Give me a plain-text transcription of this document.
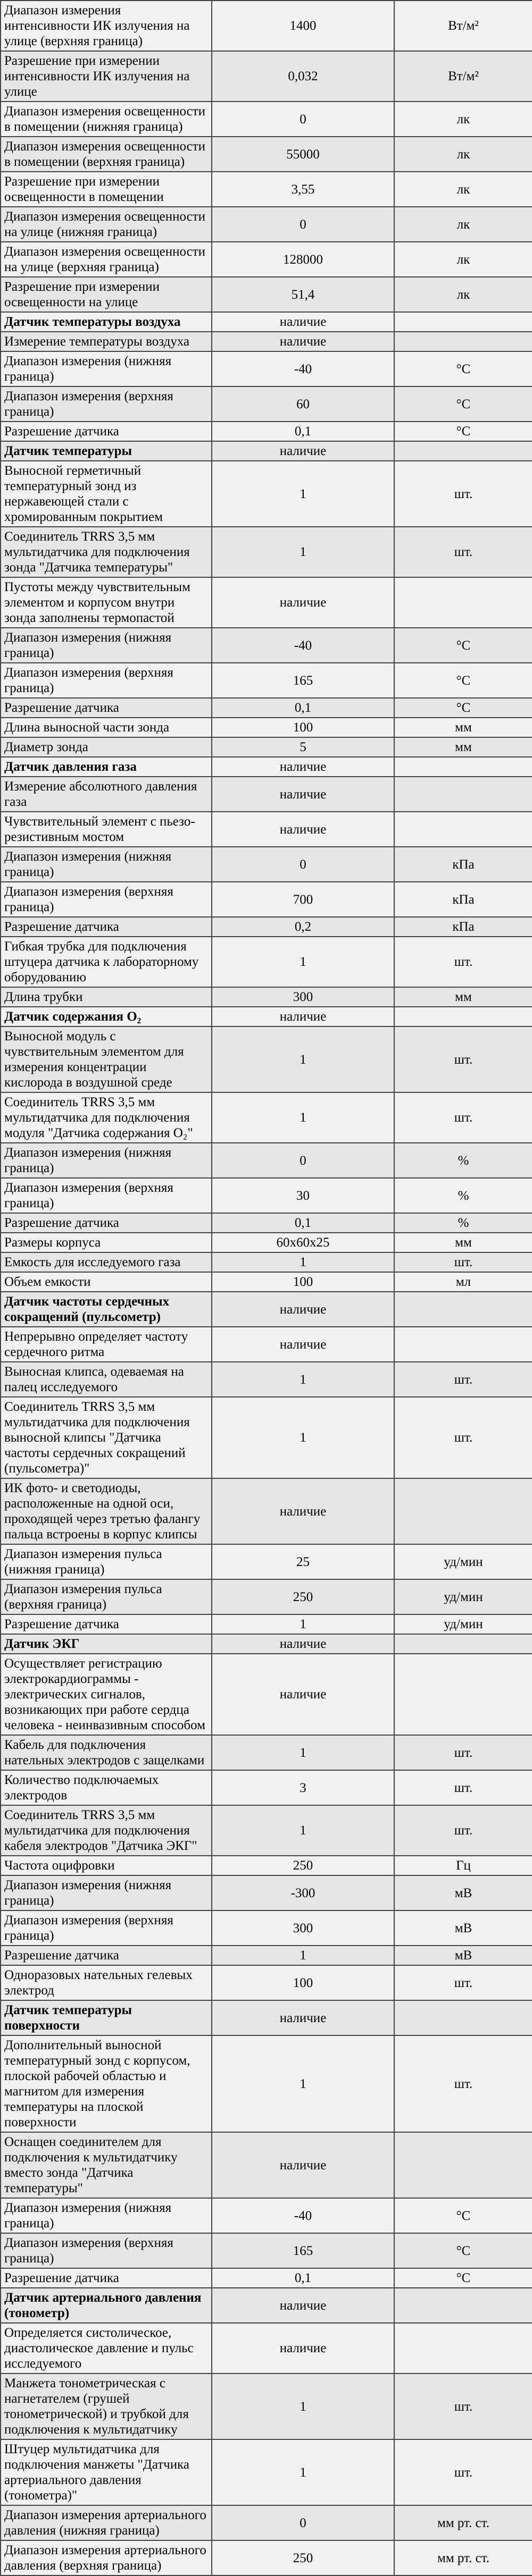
Диапазон измерения интенсивности ИК излучения на улице (верхняя граница)	1400	Вт/м²
Разрешение при измерении интенсивности ИК излучения на улице	0,032	Вт/м²
Диапазон измерения освещенности в помещении (нижняя граница)	0	лк
Диапазон измерения освещенности в помещении (верхняя граница)	55000	лк
Разрешение при измерении освещенности в помещении	3,55	лк
Диапазон измерения освещенности на улице (нижняя граница)	0	лк
Диапазон измерения освещенности на улице (верхняя граница)	128000	лк
Разрешение при измерении освещенности на улице	51,4	лк
Датчик температуры воздуха	наличие	
Измерение температуры воздуха	наличие	
Диапазон измерения (нижняя граница)	-40	°С
Диапазон измерения (верхняя граница)	60	°С
Разрешение датчика	0,1	°С
Датчик температуры	наличие	
Выносной герметичный температурный зонд из нержавеющей стали с хромированным покрытием	1	шт.
Соединитель TRRS 3,5 мм мультидатчика для подключения зонда "Датчика температуры"	1	шт.
Пустоты между чувствительным элементом и корпусом внутри зонда заполнены термопастой	наличие	
Диапазон измерения (нижняя граница)	-40	°С
Диапазон измерения (верхняя граница)	165	°С
Разрешение датчика	0,1	°С
Длина выносной части зонда	100	мм
Диаметр зонда	5	мм
Датчик давления газа	наличие	
Измерение абсолютного давления газа	наличие	
Чувствительный элемент с пьезо-резистивным мостом	наличие	
Диапазон измерения (нижняя граница)	0	кПа
Диапазон измерения (верхняя граница)	700	кПа
Разрешение датчика	0,2	кПа
Гибкая трубка для подключения штуцера датчика к лабораторному оборудованию	1	шт.
Длина трубки	300	мм
Датчик содержания O₂	наличие	
Выносной модуль с чувствительным элементом для измерения концентрации кислорода в воздушной среде	1	шт.
Соединитель TRRS 3,5 мм мультидатчика для подключения модуля "Датчика содержания O₂"	1	шт.
Диапазон измерения (нижняя граница)	0	%
Диапазон измерения (верхняя граница)	30	%
Разрешение датчика	0,1	%
Размеры корпуса	60x60x25	мм
Емкость для исследуемого газа	1	шт.
Объем емкости	100	мл
Датчик частоты сердечных сокращений (пульсометр)	наличие	
Непрерывно определяет частоту сердечного ритма	наличие	
Выносная клипса, одеваемая на палец исследуемого	1	шт.
Соединитель TRRS 3,5 мм мультидатчика для подключения выносной клипсы "Датчика частоты сердечных сокращений (пульсометра)"	1	шт.
ИК фото- и светодиоды, расположенные на одной оси, проходящей через третью фалангу пальца встроены в корпус клипсы	наличие	
Диапазон измерения пульса (нижняя граница)	25	уд/мин
Диапазон измерения пульса (верхняя граница)	250	уд/мин
Разрешение датчика	1	уд/мин
Датчик ЭКГ	наличие	
Осуществляет регистрацию электрокардиограммы - электрических сигналов, возникающих при работе сердца человека - неинвазивным способом	наличие	
Кабель для подключения нательных электродов с защелками	1	шт.
Количество подключаемых электродов	3	шт.
Соединитель TRRS 3,5 мм мультидатчика для подключения кабеля электродов "Датчика ЭКГ"	1	шт.
Частота оцифровки	250	Гц
Диапазон измерения (нижняя граница)	-300	мВ
Диапазон измерения (верхняя граница)	300	мВ
Разрешение датчика	1	мВ
Одноразовых нательных гелевых электрод	100	шт.
Датчик температуры поверхности	наличие	
Дополнительный выносной температурный зонд с корпусом, плоской рабочей областью и магнитом для измерения температуры на плоской поверхности	1	шт.
Оснащен соединителем для подключения к мультидатчику вместо зонда "Датчика температуры"	наличие	
Диапазон измерения (нижняя граница)	-40	°С
Диапазон измерения (верхняя граница)	165	°С
Разрешение датчика	0,1	°С
Датчик артериального давления (тонометр)	наличие	
Определяется систолическое, диастолическое давление и пульс исследуемого	наличие	
Манжета тонометрическая с нагнетателем (грушей тонометрической) и трубкой для подключения к мультидатчику	1	шт.
Штуцер мультидатчика для подключения манжеты "Датчика артериального давления (тонометра)"	1	шт.
Диапазон измерения артериального давления (нижняя граница)	0	мм рт. ст.
Диапазон измерения артериального давления (верхняя граница)	250	мм рт. ст.
